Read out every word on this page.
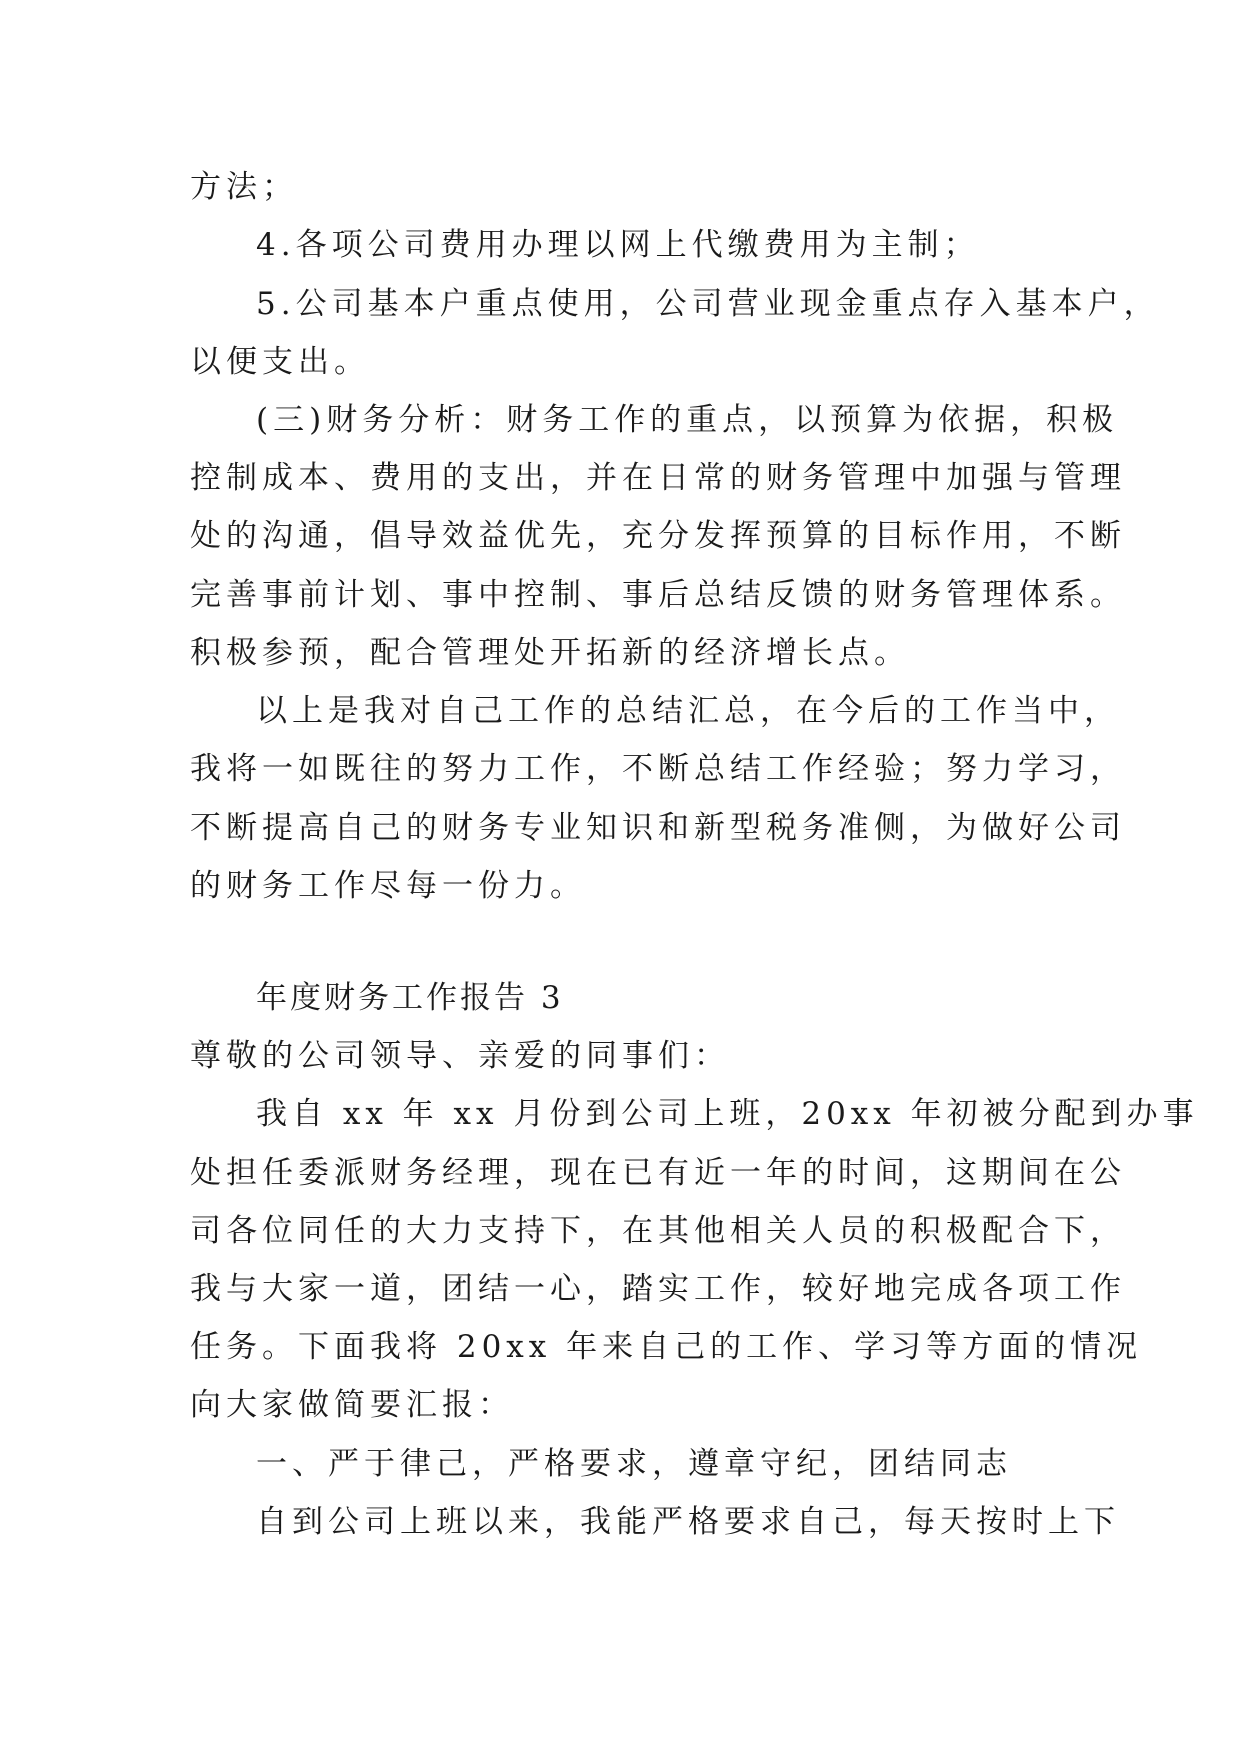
方法；
4.各项公司费用办理以网上代缴费用为主制；
5.公司基本户重点使用，公司营业现金重点存入基本户，
以便支出。
(三)财务分析：财务工作的重点，以预算为依据，积极
控制成本、费用的支出，并在日常的财务管理中加强与管理
处的沟通，倡导效益优先，充分发挥预算的目标作用，不断
完善事前计划、事中控制、事后总结反馈的财务管理体系。
积极参预，配合管理处开拓新的经济增长点。
以上是我对自己工作的总结汇总，在今后的工作当中，
我将一如既往的努力工作，不断总结工作经验；努力学习，
不断提高自己的财务专业知识和新型税务准侧，为做好公司
的财务工作尽每一份力。
年度财务工作报告 3
尊敬的公司领导、亲爱的同事们：
我自 xx 年 xx 月份到公司上班，20xx 年初被分配到办事
处担任委派财务经理，现在已有近一年的时间，这期间在公
司各位同任的大力支持下，在其他相关人员的积极配合下，
我与大家一道，团结一心，踏实工作，较好地完成各项工作
任务。下面我将 20xx 年来自己的工作、学习等方面的情况
向大家做简要汇报：
一、严于律己，严格要求，遵章守纪，团结同志
自到公司上班以来，我能严格要求自己，每天按时上下
